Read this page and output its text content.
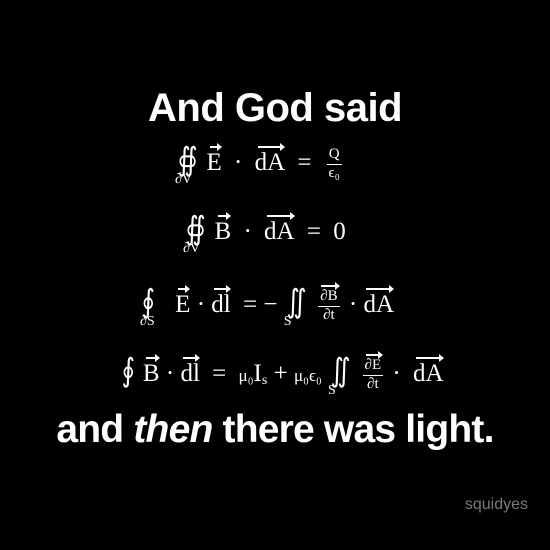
And God said
∯
∂V
E · dA = $\frac{Q}{\text{ϵ₀}}$
∯
∂V
B · dA = 0
∮
∂S
E · dl = − ∬
S
$\frac{\partial B}{\partial t}$ · dA
∮ B · dl = $\mu_0I_s + \mu_0\epsilon_0$ ∬
S
$\frac{\partial E}{\partial t}$ · dA
and then there was light.
squidyes
